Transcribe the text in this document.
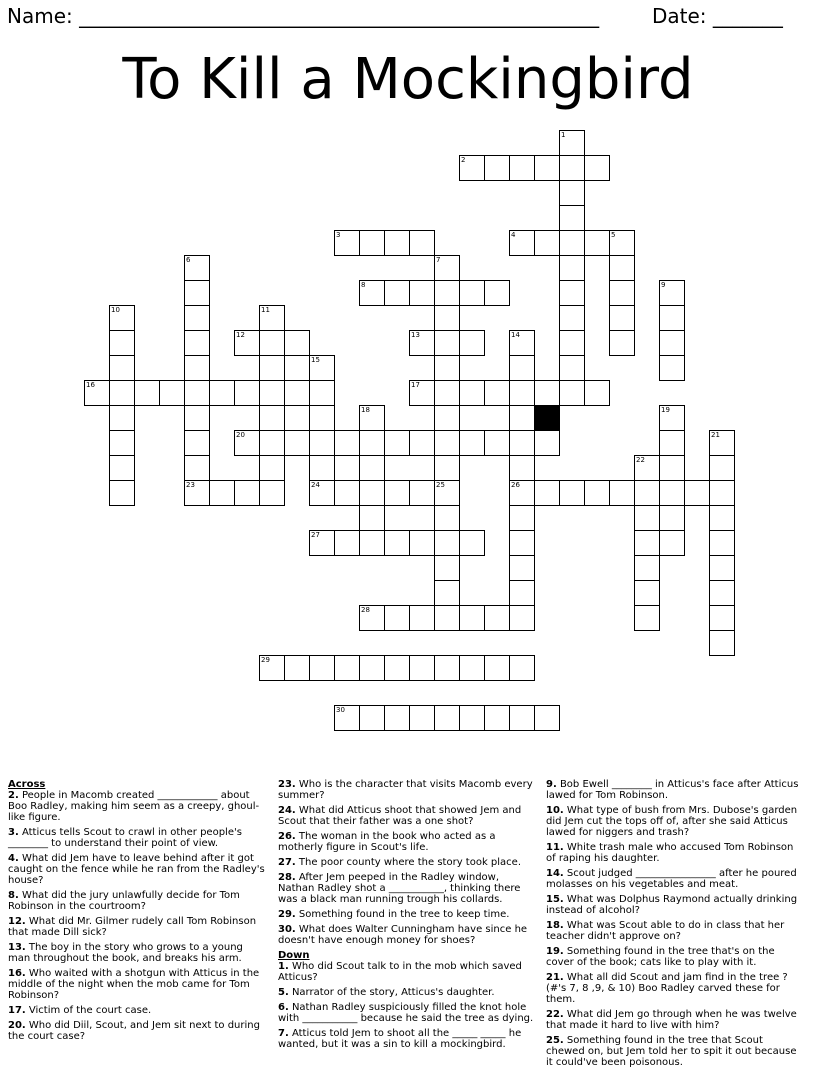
Name: ____________________________________________________	Date: _______
To Kill a Mockingbird
1
2
3	4	5
6
23
7
25
8	9
10	11
12	13	14
26
15
24
16	17
18	19
20	21
22
27
28
29
30

Across

2. People in Macomb created ____________ about Boo Radley, making him seem as a creepy, ghoul-like figure.

3. Atticus tells Scout to crawl in other people's ________ to understand their point of view.

4. What did Jem have to leave behind after it got caught on the fence while he ran from the Radley's house?

8. What did the jury unlawfully decide for Tom Robinson in the courtroom?

12. What did Mr. Gilmer rudely call Tom Robinson that made Dill sick?

13. The boy in the story who grows to a young man throughout the book, and breaks his arm.

16. Who waited with a shotgun with Atticus in the middle of the night when the mob came for Tom Robinson?

17. Victim of the court case.

20. Who did Diil, Scout, and Jem sit next to during the court case?

23. Who is the character that visits Macomb every summer?

24. What did Atticus shoot that showed Jem and Scout that their father was a one shot?

26. The woman in the book who acted as a motherly figure in Scout's life.

27. The poor county where the story took place.

28. After Jem peeped in the Radley window, Nathan Radley shot a ___________, thinking there was a black man running trough his collards.

29. Something found in the tree to keep time.

30. What does Walter Cunningham have since he doesn't have enough money for shoes?

Down

1. Who did Scout talk to in the mob which saved Atticus?

5. Narrator of the story, Atticus's daughter.

6. Nathan Radley suspiciously filled the knot hole with ___________ because he said the tree as dying.

7. Atticus told Jem to shoot all the _____ _____ he wanted, but it was a sin to kill a mockingbird.

9. Bob Ewell ________ in Atticus's face after Atticus lawed for Tom Robinson.

10. What type of bush from Mrs. Dubose's garden did Jem cut the tops off of, after she said Atticus lawed for niggers and trash?

11. White trash male who accused Tom Robinson of raping his daughter.

14. Scout judged ________________ after he poured molasses on his vegetables and meat.

15. What was Dolphus Raymond actually drinking instead of alcohol?

18. What was Scout able to do in class that her teacher didn't approve on?

19. Something found in the tree that's on the cover of the book; cats like to play with it.

21. What all did Scout and jam find in the tree ? (#'s 7, 8 ,9, & 10) Boo Radley carved these for them.

22. What did Jem go through when he was twelve that made it hard to live with him?

25. Something found in the tree that Scout chewed on, but Jem told her to spit it out because it could've been poisonous.
